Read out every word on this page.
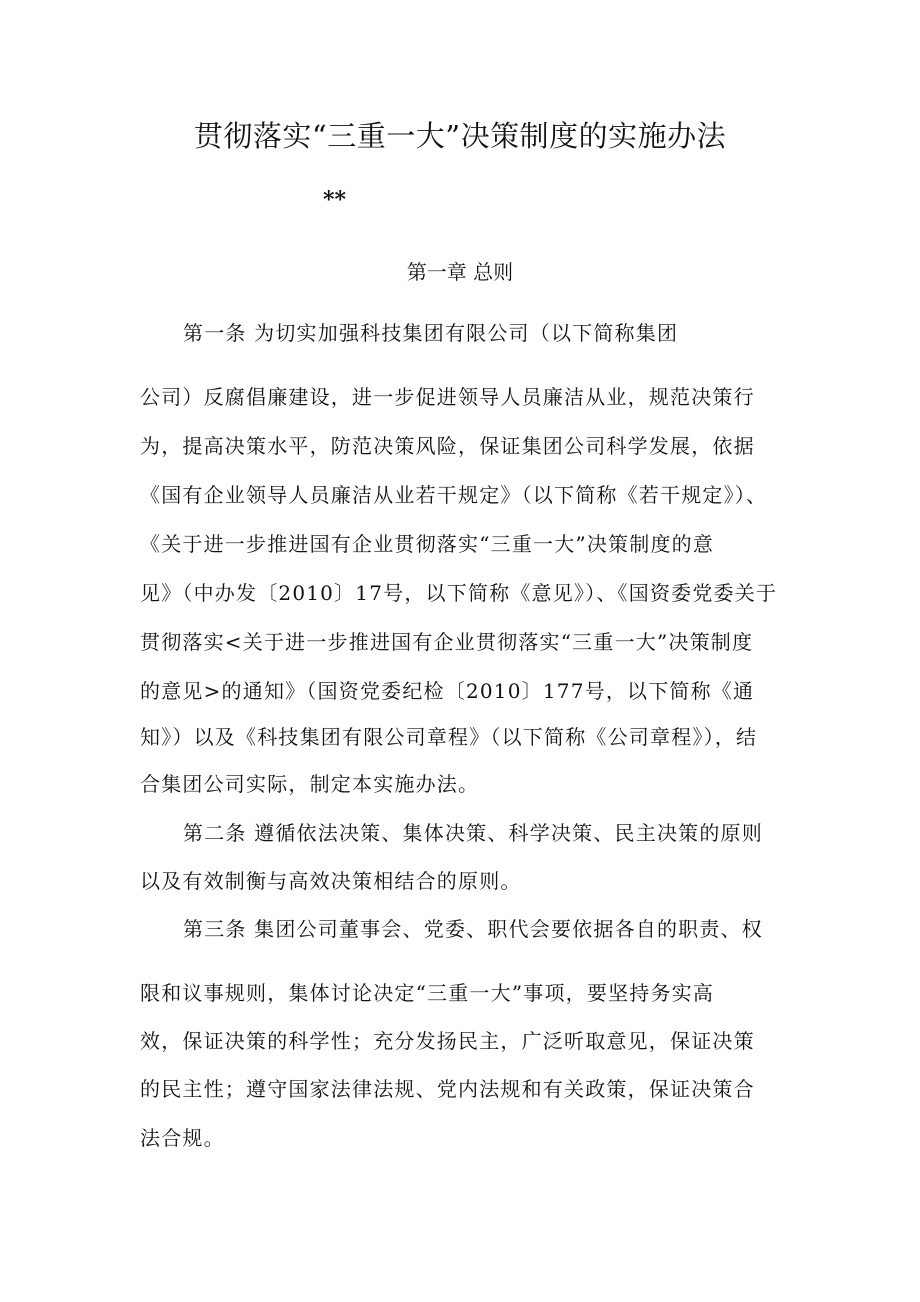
贯彻落实“三重一大”决策制度的实施办法
**
第一章 总则
第一条 为切实加强科技集团有限公司（以下简称集团
公司）反腐倡廉建设，进一步促进领导人员廉洁从业，规范决策行
为，提高决策水平，防范决策风险，保证集团公司科学发展，依据
《国有企业领导人员廉洁从业若干规定》（以下简称《若干规定》）、
《关于进一步推进国有企业贯彻落实“三重一大”决策制度的意
见》（中办发〔2010〕17号，以下简称《意见》）、《国资委党委关于
贯彻落实<关于进一步推进国有企业贯彻落实“三重一大”决策制度
的意见>的通知》（国资党委纪检〔2010〕177号，以下简称《通
知》）以及《科技集团有限公司章程》（以下简称《公司章程》），结
合集团公司实际，制定本实施办法。
第二条 遵循依法决策、集体决策、科学决策、民主决策的原则
以及有效制衡与高效决策相结合的原则。
第三条 集团公司董事会、党委、职代会要依据各自的职责、权
限和议事规则，集体讨论决定“三重一大”事项，要坚持务实高
效，保证决策的科学性；充分发扬民主，广泛听取意见，保证决策
的民主性；遵守国家法律法规、党内法规和有关政策，保证决策合
法合规。
